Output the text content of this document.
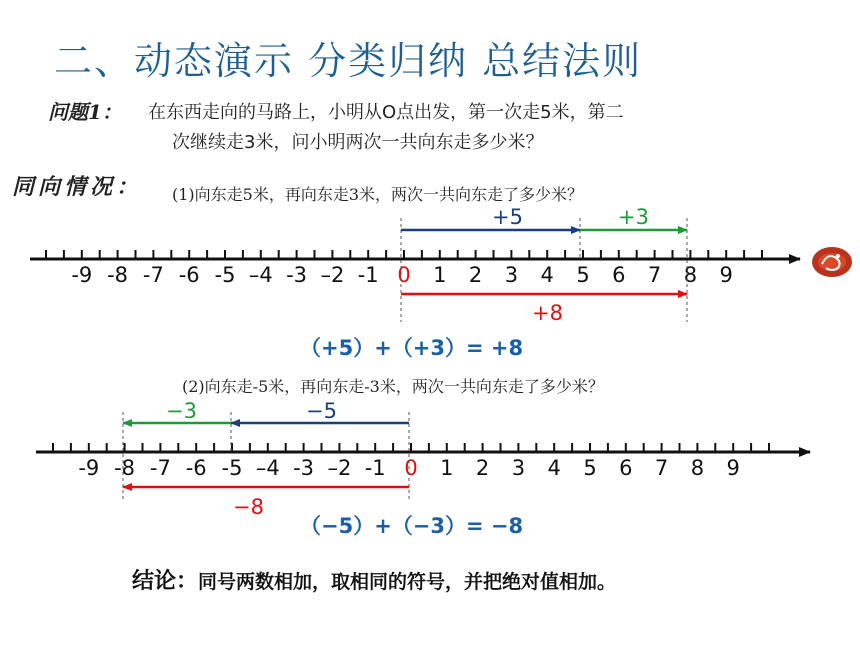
二、动态演示 分类归纳 总结法则
问题1： 在东西走向的马路上，小明从O点出发，第一次走5米，第二
次继续走3米，问小明两次一共向东走多少米？
同向情况： (1)向东走5米，再向东走3米，两次一共向东走了多少米？
(2)向东走-5米，再向东走-3米，两次一共向东走了多少米？
-9 -8 -7 -6 -5 –4 -3 –2 -1 0 1 2 3 4 5 6 7 8 9
+5	+3
+8
（+5）+（+3）= +8
-9 -8 -7 -6 -5 –4 -3 –2 -1 0 1 2 3 4 5 6 7 8 9
−5
−3
−8
（−5）+（−3）= −8
结论：同号两数相加，取相同的符号，并把绝对值相加。
